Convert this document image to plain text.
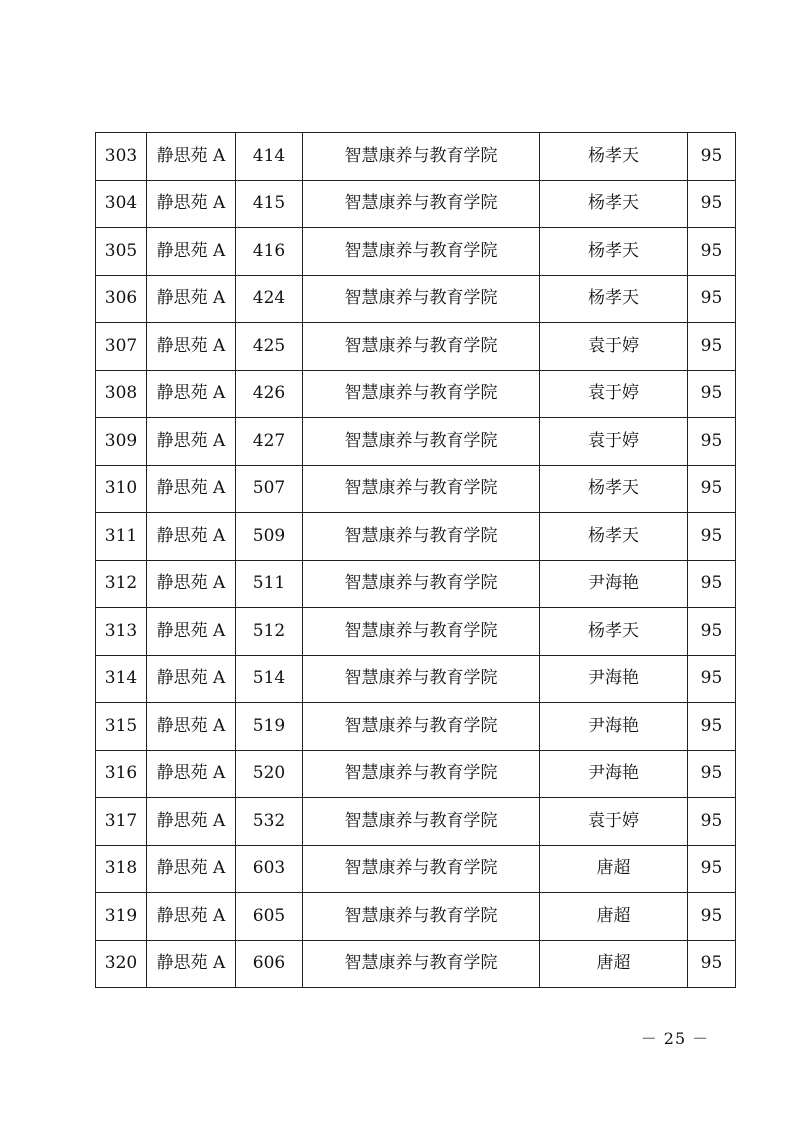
303	静思苑 A	414	智慧康养与教育学院	杨孝天	95
304	静思苑 A	415	智慧康养与教育学院	杨孝天	95
305	静思苑 A	416	智慧康养与教育学院	杨孝天	95
306	静思苑 A	424	智慧康养与教育学院	杨孝天	95
307	静思苑 A	425	智慧康养与教育学院	袁于婷	95
308	静思苑 A	426	智慧康养与教育学院	袁于婷	95
309	静思苑 A	427	智慧康养与教育学院	袁于婷	95
310	静思苑 A	507	智慧康养与教育学院	杨孝天	95
311	静思苑 A	509	智慧康养与教育学院	杨孝天	95
312	静思苑 A	511	智慧康养与教育学院	尹海艳	95
313	静思苑 A	512	智慧康养与教育学院	杨孝天	95
314	静思苑 A	514	智慧康养与教育学院	尹海艳	95
315	静思苑 A	519	智慧康养与教育学院	尹海艳	95
316	静思苑 A	520	智慧康养与教育学院	尹海艳	95
317	静思苑 A	532	智慧康养与教育学院	袁于婷	95
318	静思苑 A	603	智慧康养与教育学院	唐超	95
319	静思苑 A	605	智慧康养与教育学院	唐超	95
320	静思苑 A	606	智慧康养与教育学院	唐超	95
－ 25 －
